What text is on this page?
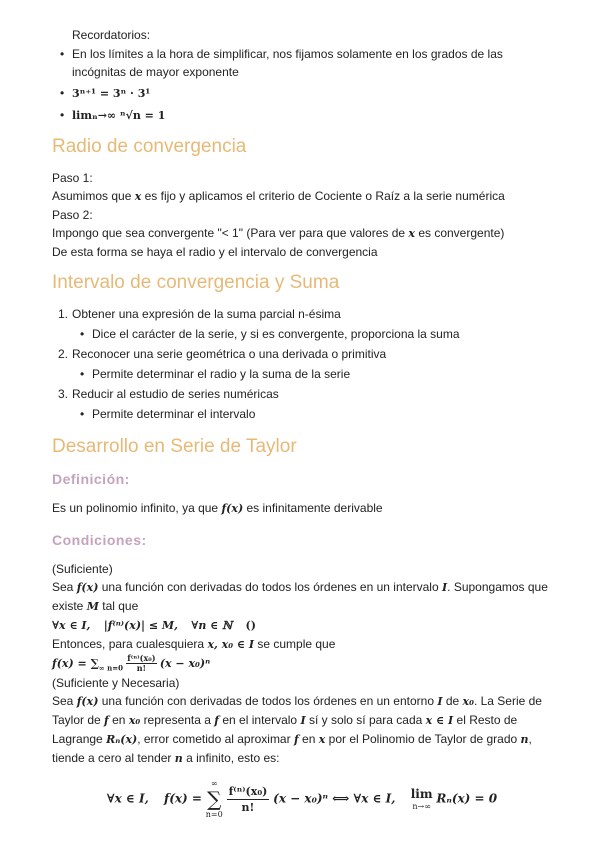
Recordatorios:
• En los límites a la hora de simplificar, nos fijamos solamente en los grados de las incógnitas de mayor exponente
• 3ⁿ⁺¹ = 3ⁿ · 3¹
• limₙ→∞ ⁿ√n = 1
Radio de convergencia
Paso 1:
Asumimos que x es fijo y aplicamos el criterio de Cociente o Raíz a la serie numérica
Paso 2:
Impongo que sea convergente "< 1" (Para ver para que valores de x es convergente)
De esta forma se haya el radio y el intervalo de convergencia
Intervalo de convergencia y Suma
1. Obtener una expresión de la suma parcial n-ésima
• Dice el carácter de la serie, y si es convergente, proporciona la suma
2. Reconocer una serie geométrica o una derivada o primitiva
• Permite determinar el radio y la suma de la serie
3. Reducir al estudio de series numéricas
• Permite determinar el intervalo
Desarrollo en Serie de Taylor
Definición:
Es un polinomio infinito, ya que f(x) es infinitamente derivable
Condiciones:
(Suficiente)
Sea f(x) una función con derivadas do todos los órdenes en un intervalo I. Supongamos que existe M tal que
∀x ∈ I, |f⁽ⁿ⁾(x)| ≤ M, ∀n ∈ ℕ ()
Entonces, para cualesquiera x, x₀ ∈ I se cumple que
$f(x) = \sum_{\infty n=0} \frac{\text{f⁽ⁿ⁾(x₀)}}{n!} (x - x_0)^n$
(Suficiente y Necesaria)
Sea f(x) una función con derivadas de todos los órdenes en un entorno I de x₀. La Serie de Taylor de f en x₀ representa a f en el intervalo I sí y solo sí para cada x ∈ I el Resto de Lagrange Rₙ(x), error cometido al aproximar f en x por el Polinomio de Taylor de grado n, tiende a cero al tender n a infinito, esto es:
∀x ∈ I, f(x) =
∞
∑
n=0
$\frac{\text{f⁽ⁿ⁾(x₀)}}{n!} (x - x_0)^n$ ⟺ ∀x ∈ I, lim
n→∞
Rₙ(x) = 0
